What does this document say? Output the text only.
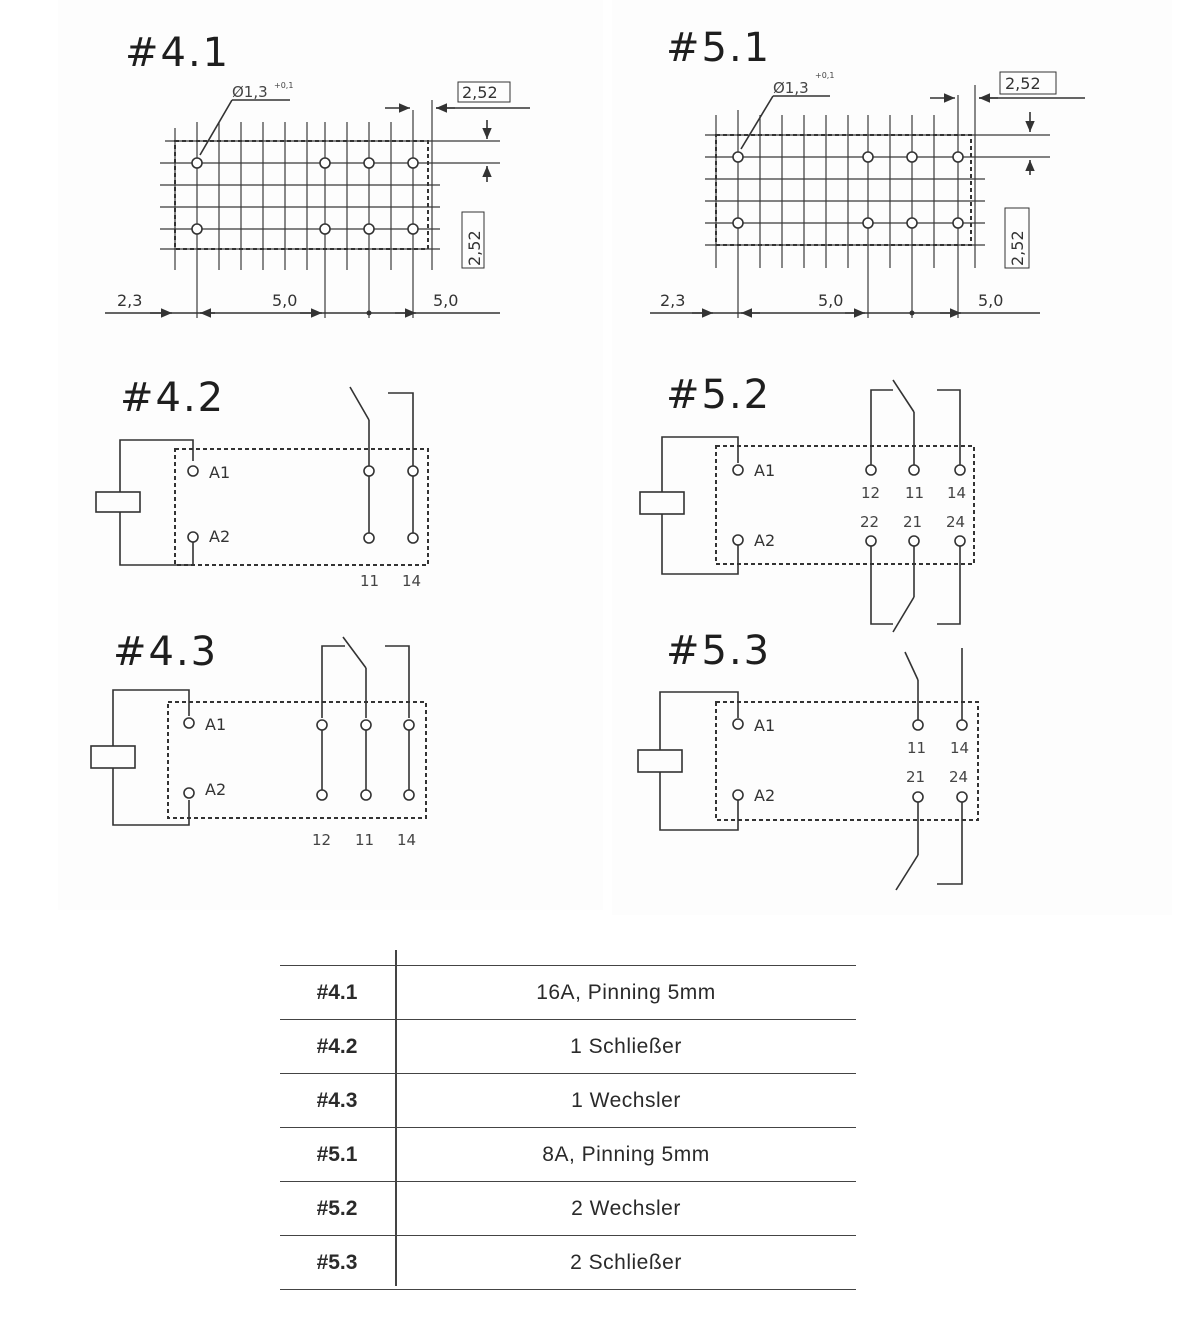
#4.1
Ø1,3 +0,1	2,52
2,52
2,3	5,0	5,0
#5.1
Ø1,3
+0,1	2,52
2,52
2,3	5,0	5,0
#4.2
A1
A2
11 14
#4.3
A1
A2
12 11 14
#5.2
A1
A2
12 11 14
22 21 24
#5.3
A1
A2
11 14
21 24
#4.1	16A, Pinning 5mm
#4.2	1 Schließer
#4.3	1 Wechsler
#5.1	8A, Pinning 5mm
#5.2	2 Wechsler
#5.3	2 Schließer
